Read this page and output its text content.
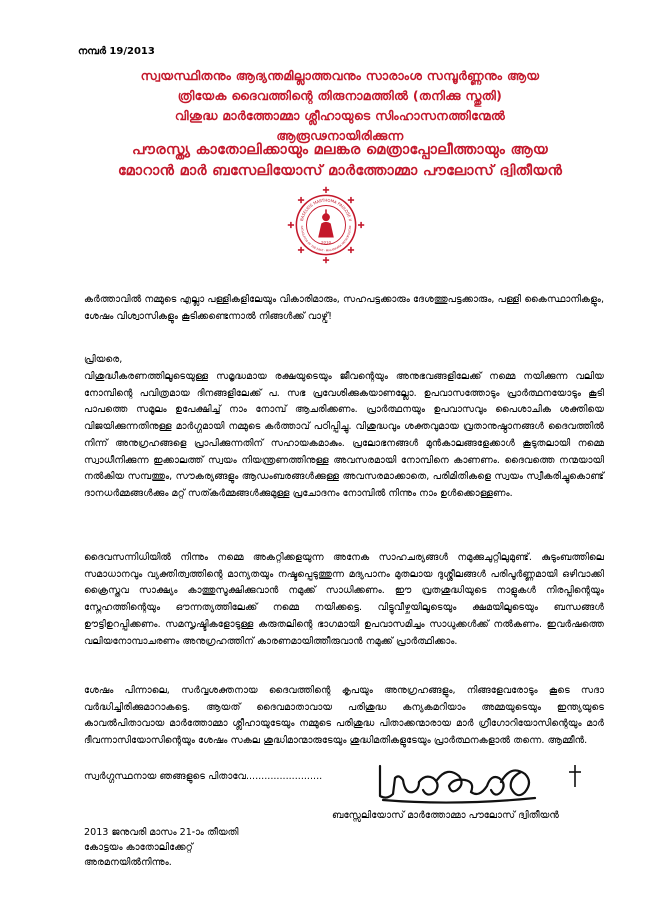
നമ്പർ 19/2013
സ്വയസ്ഥിതനും ആദ്യന്തമില്ലാത്തവനും സാരാംശ സമ്പൂർണ്ണനും ആയ
ത്രിയേക ദൈവത്തിന്റെ തിരുനാമത്തിൽ (തനിക്കു സ്തുതി)
വിശുദ്ധ മാർത്തോമ്മാ ശ്ലീഹായുടെ സിംഹാസനത്തിന്മേൽ
ആരൂഢനായിരിക്കുന്ന
പൗരസ്ത്യ കാതോലിക്കായും മലങ്കര മെത്രാപ്പോലീത്തായും ആയ
മോറാൻ മാർ ബസേലിയോസ് മാർത്തോമ്മാ പൗലോസ് ദ്വിതീയൻ
BASELIOS MARTHOMA PAULOSE II
CATHOLICOS OF THE EAST · MALANKARA METROPOLITAN
2010
കർത്താവിൽ നമ്മുടെ എല്ലാ പള്ളികളിലേയും വികാരിമാരും, സഹപട്ടക്കാരും ദേശത്തുപട്ടക്കാരും, പള്ളി കൈസ്ഥാനികളും, ശേഷം വിശ്വാസികളും കൂടിക്കണ്ടെന്നാൽ നിങ്ങൾക്ക് വാഴ്വ്!
പ്രിയരെ,
വിശുദ്ധീകരണത്തിലൂടെയുള്ള സമൃദ്ധമായ രക്ഷയുടെയും ജീവന്റെയും അനുഭവങ്ങളിലേക്ക് നമ്മെ നയിക്കുന്ന വലിയ നോമ്പിന്റെ പവിത്രമായ ദിനങ്ങളിലേക്ക് പ. സഭ പ്രവേശിക്കുകയാണല്ലോ. ഉപവാസത്തോടും പ്രാർത്ഥനയോടും കൂടി പാപത്തെ സമൂലം ഉപേക്ഷിച്ച് നാം നോമ്പ് ആചരിക്കണം. പ്രാർത്ഥനയും ഉപവാസവും പൈശാചിക ശക്തിയെ വിജയിക്കുന്നതിനുള്ള മാർഗ്ഗമായി നമ്മുടെ കർത്താവ് പഠിപ്പിച്ചു. വിശുദ്ധവും ശക്തവുമായ വ്രതാനുഷ്ഠാനങ്ങൾ ദൈവത്തിൽ നിന്ന് അനുഗ്രഹങ്ങളെ പ്രാപിക്കുന്നതിന് സഹായകമാകും. പ്രലോഭനങ്ങൾ മുൻകാലങ്ങളേക്കാൾ കൂടുതലായി നമ്മെ സ്വാധീനിക്കുന്ന ഇക്കാലത്ത് സ്വയം നിയന്ത്രണത്തിനുള്ള അവസരമായി നോമ്പിനെ കാണണം. ദൈവത്തെ നന്മയായി നൽകിയ സമ്പത്തും, സൗകര്യങ്ങളും ആഡംബരങ്ങൾക്കുള്ള അവസരമാക്കാതെ, പരിമിതികളെ സ്വയം സ്വീകരിച്ചുകൊണ്ട് ദാനധർമ്മങ്ങൾക്കും മറ്റ് സത്കർമ്മങ്ങൾക്കുമുള്ള പ്രചോദനം നോമ്പിൽ നിന്നും നാം ഉൾക്കൊള്ളണം.
ദൈവസന്നിധിയിൽ നിന്നും നമ്മെ അകറ്റിക്കളയുന്ന അനേക സാഹചര്യങ്ങൾ നമുക്കുചുറ്റിലുമുണ്ട്. കുടുംബത്തിലെ സമാധാനവും വ്യക്തിത്വത്തിന്റെ മാന്യതയും നഷ്ടപ്പെടുത്തുന്ന മദ്യപാനം മുതലായ ദുശ്ശീലങ്ങൾ പരിപൂർണ്ണമായി ഒഴിവാക്കി ക്രൈസ്തവ സാക്ഷ്യം കാത്തുസൂക്ഷിക്കുവാൻ നമുക്ക് സാധിക്കണം. ഈ വ്രതശുദ്ധിയുടെ നാളുകൾ നിരപ്പിന്റെയും സ്നേഹത്തിന്റെയും ഔന്നത്യത്തിലേക്ക് നമ്മെ നയിക്കട്ടെ. വിട്ടുവീഴ്ചയിലൂടെയും ക്ഷമയിലൂടെയും ബന്ധങ്ങൾ ഊട്ടിഉറപ്പിക്കണം. സമസൃഷ്ടികളോടുള്ള കരുതലിന്റെ ഭാഗമായി ഉപവാസമിച്ചം സാധുക്കൾക്ക് നൽകണം. ഇവർഷത്തെ വലിയനോമ്പാചരണം അനുഗ്രഹത്തിന് കാരണമായിത്തീരുവാൻ നമുക്ക് പ്രാർത്ഥിക്കാം.
ശേഷം പിന്നാലെ, സർവ്വശക്തനായ ദൈവത്തിന്റെ കൃപയും അനുഗ്രഹങ്ങളും, നിങ്ങളേവരോടും കൂടെ സദാ വർദ്ധിച്ചിരിക്കുമാറാകട്ടെ. ആയത് ദൈവമാതാവായ പരിശുദ്ധ കന്യകമറിയാം അമ്മയുടെയും ഇന്ത്യയുടെ കാവൽപിതാവായ മാർത്തോമ്മാ ശ്ലീഹായുടേയും നമ്മുടെ പരിശുദ്ധ പിതാക്കന്മാരായ മാർ ഗ്രീഗോറിയോസിന്റെയും മാർ ദീവന്നാസിയോസിന്റെയും ശേഷം സകല ശുദ്ധിമാന്മാരുടേയും ശുദ്ധിമതികളുടേയും പ്രാർത്ഥനകളാൽ തന്നെ. ആമ്മീൻ.
സ്വർഗ്ഗസ്ഥനായ ഞങ്ങളുടെ പിതാവേ.........................
ബസ്സേലിയോസ് മാർത്തോമ്മാ പൗലോസ് ദ്വിതീയൻ
2013 ജനുവരി മാസം 21-ാം തീയതി
കോട്ടയം കാതോലിക്കേറ്റ്
അരമനയിൽനിന്നും.
